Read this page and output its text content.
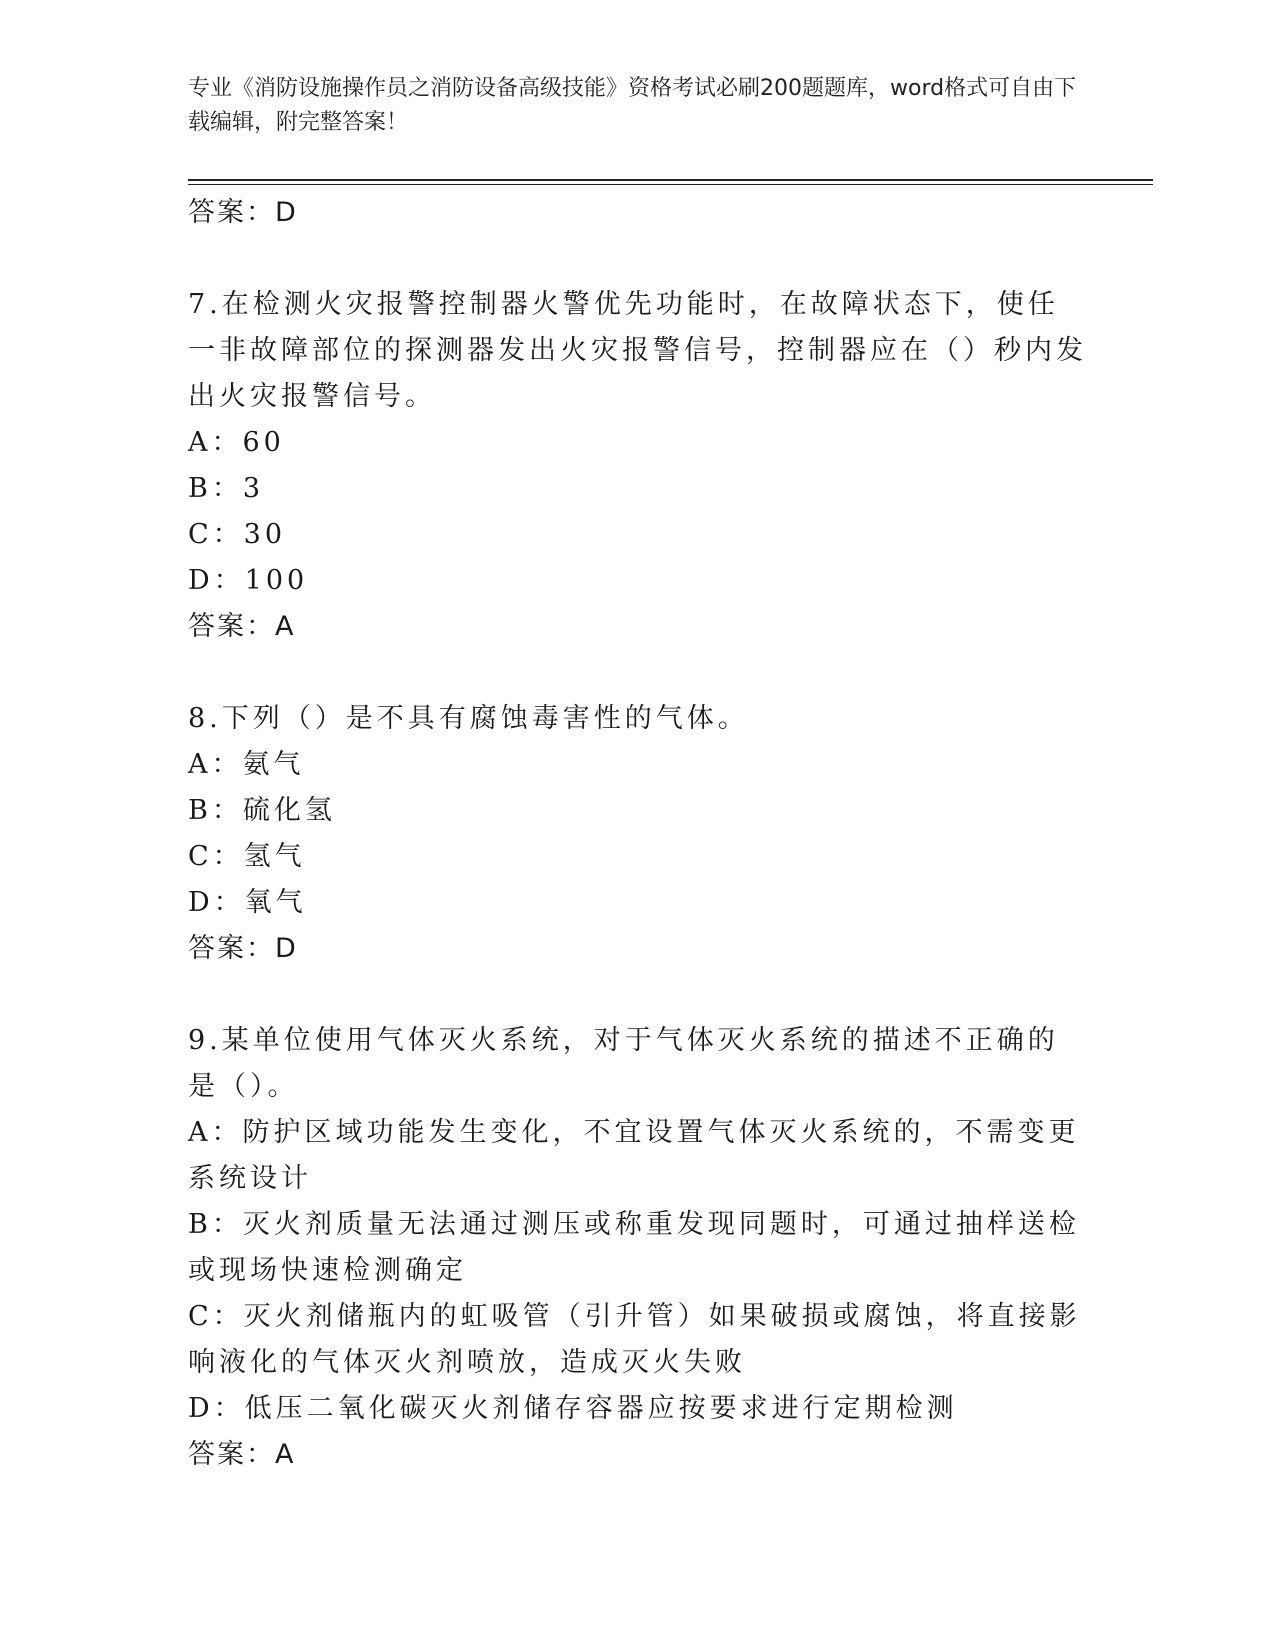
专业《消防设施操作员之消防设备高级技能》资格考试必刷200题题库，word格式可自由下载编辑，附完整答案！

答案：D

7.在检测火灾报警控制器火警优先功能时，在故障状态下，使任一非故障部位的探测器发出火灾报警信号，控制器应在（）秒内发出火灾报警信号。

A：60

B：3

C：30

D：100

答案：A

8.下列（）是不具有腐蚀毒害性的气体。

A：氨气

B：硫化氢

C：氢气

D：氧气

答案：D

9.某单位使用气体灭火系统，对于气体灭火系统的描述不正确的是（）。

A：防护区域功能发生变化，不宜设置气体灭火系统的，不需变更系统设计

B：灭火剂质量无法通过测压或称重发现同题时，可通过抽样送检或现场快速检测确定

C：灭火剂储瓶内的虹吸管（引升管）如果破损或腐蚀，将直接影响液化的气体灭火剂喷放，造成灭火失败

D：低压二氧化碳灭火剂储存容器应按要求进行定期检测

答案：A
